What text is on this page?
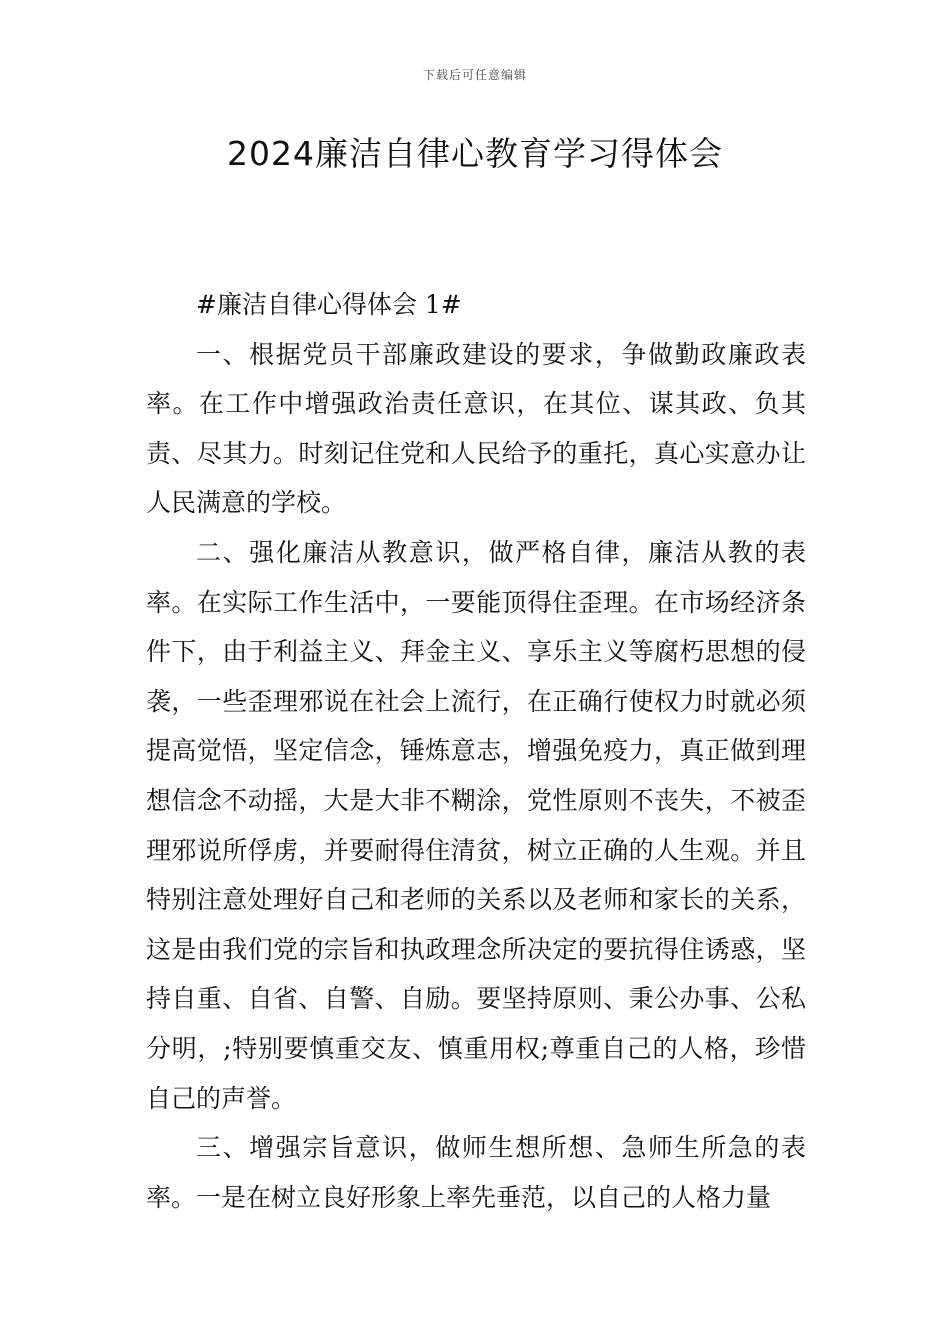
下载后可任意编辑
2024廉洁自律心教育学习得体会

#廉洁自律心得体会 1#

一、根据党员干部廉政建设的要求，争做勤政廉政表率。在工作中增强政治责任意识，在其位、谋其政、负其责、尽其力。时刻记住党和人民给予的重托，真心实意办让人民满意的学校。

二、强化廉洁从教意识，做严格自律，廉洁从教的表率。在实际工作生活中，一要能顶得住歪理。在市场经济条件下，由于利益主义、拜金主义、享乐主义等腐朽思想的侵袭，一些歪理邪说在社会上流行，在正确行使权力时就必须提高觉悟，坚定信念，锤炼意志，增强免疫力，真正做到理想信念不动摇，大是大非不糊涂，党性原则不丧失，不被歪理邪说所俘虏，并要耐得住清贫，树立正确的人生观。并且特别注意处理好自己和老师的关系以及老师和家长的关系，这是由我们党的宗旨和执政理念所决定的要抗得住诱惑，坚持自重、自省、自警、自励。要坚持原则、秉公办事、公私分明，;特别要慎重交友、慎重用权;尊重自己的人格，珍惜自己的声誉。

三、增强宗旨意识，做师生想所想、急师生所急的表率。一是在树立良好形象上率先垂范，以自己的人格力量
